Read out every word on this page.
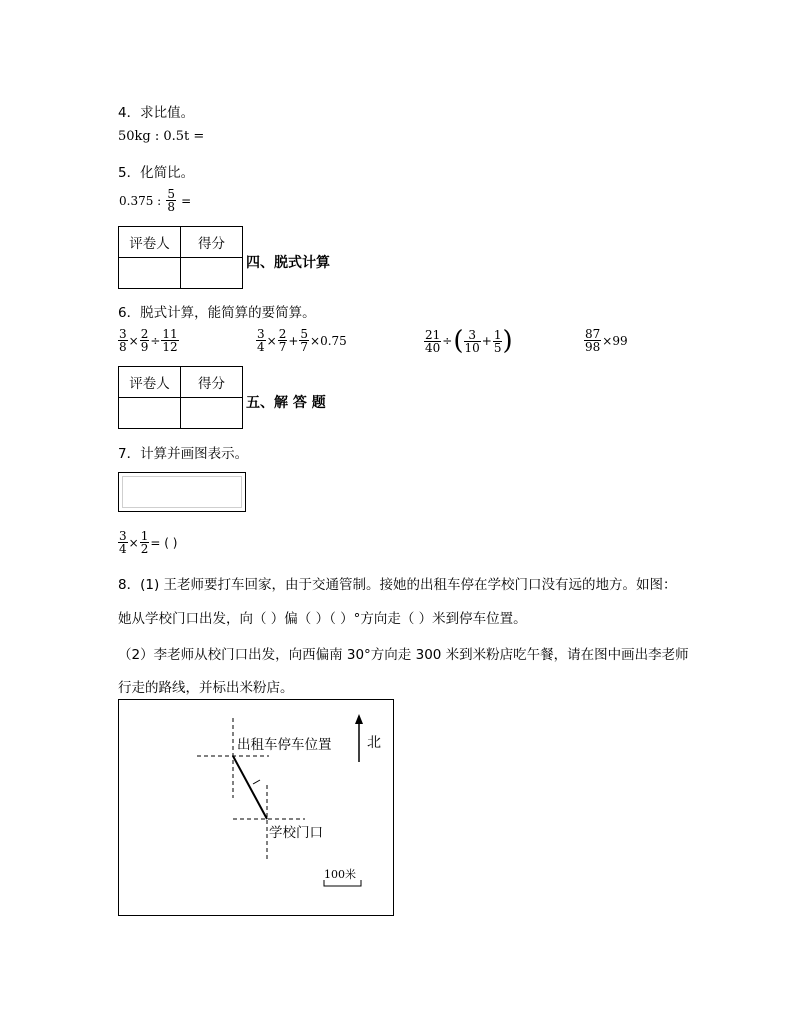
4．求比值。
50kg : 0.5t =
5．化简比。
0.375 : $\frac{5}{8}$ =
评卷人	得分

四、脱式计算
6．脱式计算，能简算的要简算。
$\frac{3}{8} \times \frac{2}{9} \div \frac{11}{12}$	$\frac{3}{4} \times \frac{2}{7} + \frac{5}{7} \times 0.75$	$\frac{21}{40}$ ÷( $\frac{3}{10} + \frac{1}{5}$ )	$\frac{87}{98} \times 99$
评卷人	得分

五、解 答 题
7．计算并画图表示。
$\frac{3}{4} \times \frac{1}{2}$ = ( )
8．(1) 王老师要打车回家，由于交通管制。接她的出租车停在学校门口没有远的地方。如图：
她从学校门口出发，向（ ）偏（ ）（ ）°方向走（ ）米到停车位置。
（2）李老师从校门口出发，向西偏南 30°方向走 300 米到米粉店吃午餐，请在图中画出李老师
行走的路线，并标出米粉店。
出租车停车位置
学校门口
北
100米
